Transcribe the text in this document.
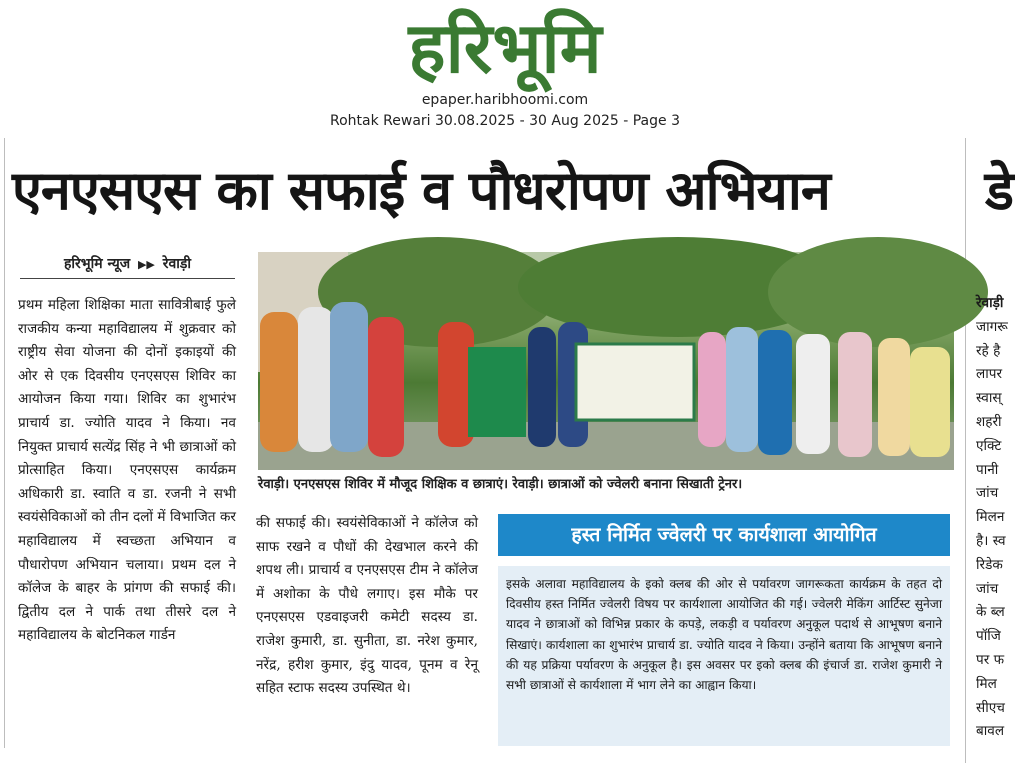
हरिभूमि
epaper.haribhoomi.com
Rohtak Rewari 30.08.2025 - 30 Aug 2025 - Page 3
एनएसएस का सफाई व पौधरोपण अभियान	डे
हरिभूमि न्यूज ▶▶ रेवाड़ी
प्रथम महिला शिक्षिका माता सावित्रीबाई फुले राजकीय कन्या महाविद्यालय में शुक्रवार को राष्ट्रीय सेवा योजना की दोनों इकाइयों की ओर से एक दिवसीय एनएसएस शिविर का आयोजन किया गया। शिविर का शुभारंभ प्राचार्य डा. ज्योति यादव ने किया। नव नियुक्त प्राचार्य सत्येंद्र सिंह ने भी छात्राओं को प्रोत्साहित किया। एनएसएस कार्यक्रम अधिकारी डा. स्वाति व डा. रजनी ने सभी स्वयंसेविकाओं को तीन दलों में विभाजित कर महाविद्यालय में स्वच्छता अभियान व पौधारोपण अभियान चलाया। प्रथम दल ने कॉलेज के बाहर के प्रांगण की सफाई की। द्वितीय दल ने पार्क तथा तीसरे दल ने महाविद्यालय के बोटनिकल गार्डन
रेवाड़ी। एनएसएस शिविर में मौजूद शिक्षिक व छात्राएं। रेवाड़ी। छात्राओं को ज्वेलरी बनाना सिखाती ट्रेनर।
की सफाई की। स्वयंसेविकाओं ने कॉलेज को साफ रखने व पौधों की देखभाल करने की शपथ ली। प्राचार्य व एनएसएस टीम ने कॉलेज में अशोका के पौधे लगाए। इस मौके पर एनएसएस एडवाइजरी कमेटी सदस्य डा. राजेश कुमारी, डा. सुनीता, डा. नरेश कुमार, नरेंद्र, हरीश कुमार, इंदु यादव, पूनम व रेनू सहित स्टाफ सदस्य उपस्थित थे।
हस्त निर्मित ज्वेलरी पर कार्यशाला आयोगित
इसके अलावा महाविद्यालय के इको क्लब की ओर से पर्यावरण जागरूकता कार्यक्रम के तहत दो दिवसीय हस्त निर्मित ज्वेलरी विषय पर कार्यशाला आयोजित की गई। ज्वेलरी मेकिंग आर्टिस्ट सुनेजा यादव ने छात्राओं को विभिन्न प्रकार के कपड़े, लकड़ी व पर्यावरण अनुकूल पदार्थ से आभूषण बनाने सिखाएं। कार्यशाला का शुभारंभ प्राचार्य डा. ज्योति यादव ने किया। उन्होंने बताया कि आभूषण बनाने की यह प्रक्रिया पर्यावरण के अनुकूल है। इस अवसर पर इको क्लब की इंचार्ज डा. राजेश कुमारी ने सभी छात्राओं से कार्यशाला में भाग लेने का आह्वान किया।
रेवाड़ी
जागरू
रहे है
लापर
स्वास्
शहरी
एक्टि
पानी
जांच
मिलन
है। स्व
रिडेक
जांच
के ब्ल
पॉजि
पर फ
मिल
सीएच
बावल
